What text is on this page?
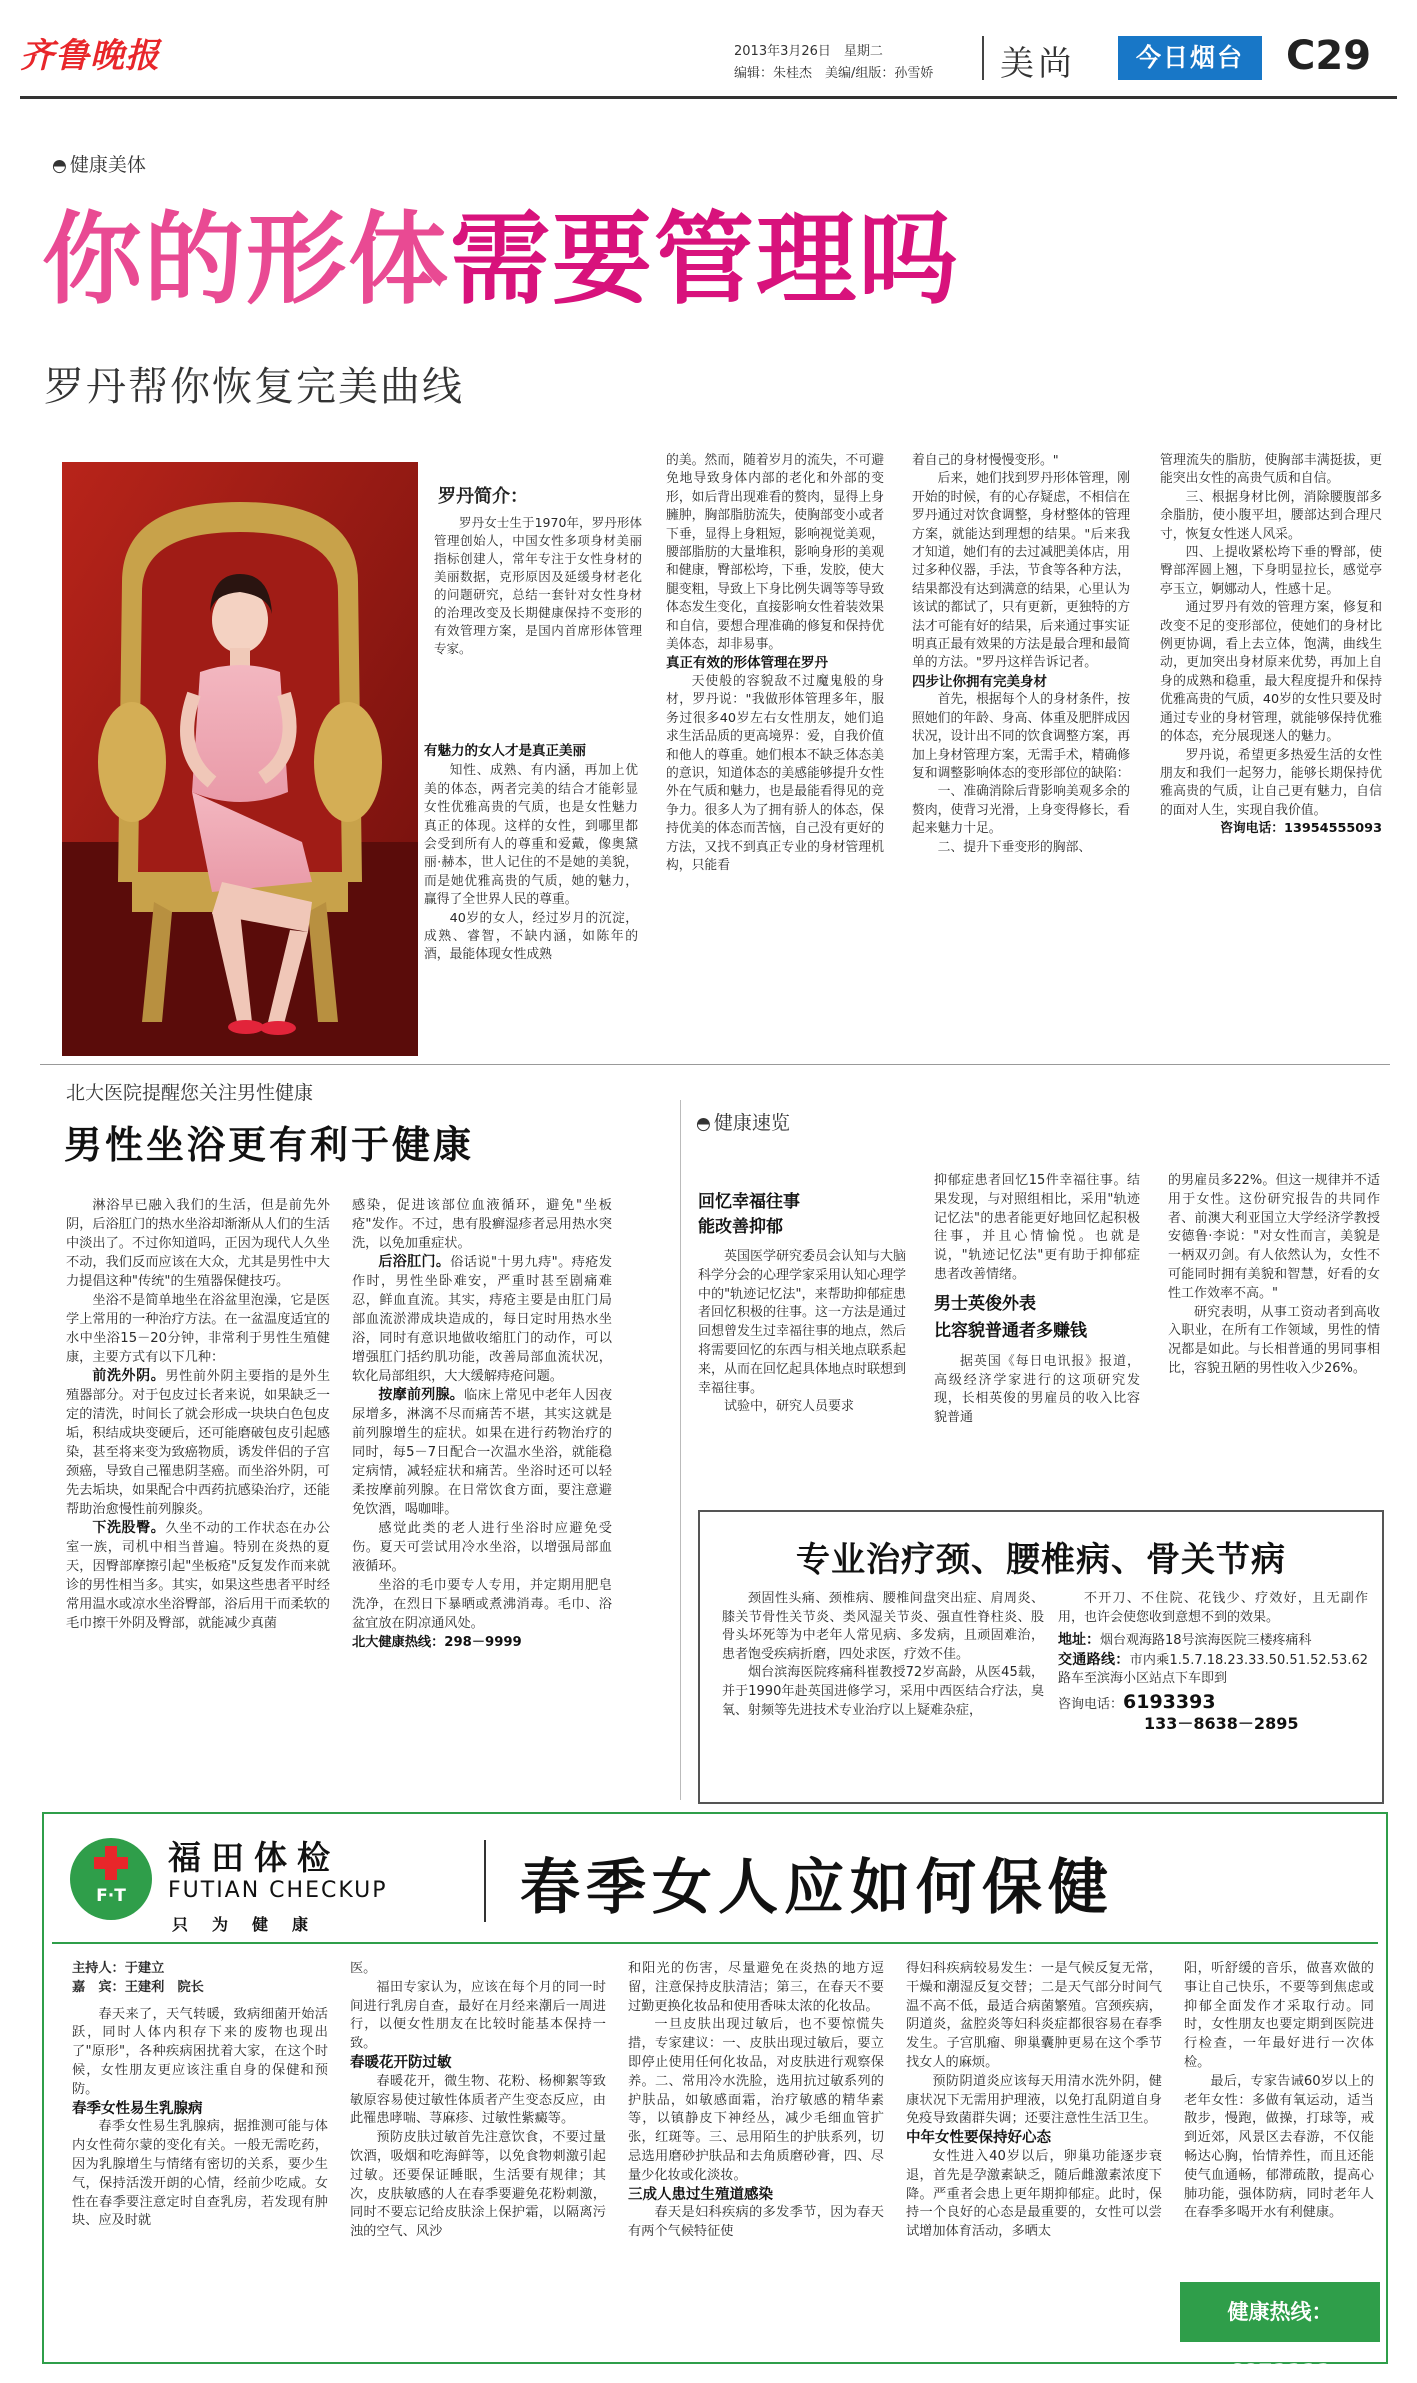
齐鲁晚报	2013年3月26日　 星期二
编辑：朱桂杰　美编/组版：孙雪娇 美尚	今日烟台	C29
◓ 健康美体
你的形体需要管理吗
罗丹帮你恢复完美曲线
罗丹简介：
罗丹女士生于1970年，罗丹形体管理创始人，中国女性多项身材美丽指标创建人，常年专注于女性身材的美丽数据，克形原因及延缓身材老化的问题研究，总结一套针对女性身材的治理改变及长期健康保持不变形的有效管理方案，是国内首席形体管理专家。
有魅力的女人才是真正美丽

知性、成熟、有内涵，再加上优美的体态，两者完美的结合才能彰显女性优雅高贵的气质，也是女性魅力真正的体现。这样的女性，到哪里都会受到所有人的尊重和爱戴，像奥黛丽·赫本，世人记住的不是她的美貌，而是她优雅高贵的气质，她的魅力，赢得了全世界人民的尊重。

40岁的女人，经过岁月的沉淀，成熟、睿智，不缺内涵，如陈年的酒，最能体现女性成熟

的美。然而，随着岁月的流失，不可避免地导致身体内部的老化和外部的变形，如后背出现难看的赘肉，显得上身臃肿，胸部脂肪流失，使胸部变小或者下垂，显得上身粗短，影响视觉美观，腰部脂肪的大量堆积，影响身形的美观和健康，臀部松垮，下垂，发胶，使大腿变粗，导致上下身比例失调等等导致体态发生变化，直接影响女性着装效果和自信，要想合理准确的修复和保持优美体态，却非易事。

真正有效的形体管理在罗丹

天使般的容貌敌不过魔鬼般的身材，罗丹说："我做形体管理多年，服务过很多40岁左右女性朋友，她们追求生活品质的更高境界：爱，自我价值和他人的尊重。她们根本不缺乏体态美的意识，知道体态的美感能够提升女性外在气质和魅力，也是最能看得见的竞争力。很多人为了拥有骄人的体态，保持优美的体态而苦恼，自己没有更好的方法，又找不到真正专业的身材管理机构，只能看

着自己的身材慢慢变形。"

后来，她们找到罗丹形体管理，刚开始的时候，有的心存疑虑，不相信在罗丹通过对饮食调整，身材整体的管理方案，就能达到理想的结果。"后来我才知道，她们有的去过减肥美体店，用过多种仪器，手法，节食等各种方法，结果都没有达到满意的结果，心里认为该试的都试了，只有更新，更独特的方法才可能有好的结果，后来通过事实证明真正最有效果的方法是最合理和最简单的方法。"罗丹这样告诉记者。

四步让你拥有完美身材

首先，根据每个人的身材条件，按照她们的年龄、身高、体重及肥胖成因状况，设计出不同的饮食调整方案，再加上身材管理方案，无需手术，精确修复和调整影响体态的变形部位的缺陷：

一、准确消除后背影响美观多余的赘肉，使背习光滑，上身变得修长，看起来魅力十足。

二、提升下垂变形的胸部、

管理流失的脂肪，使胸部丰满挺拔，更能突出女性的高贵气质和自信。

三、根据身材比例，消除腰腹部多余脂肪，使小腹平坦，腰部达到合理尺寸，恢复女性迷人风采。

四、上提收紧松垮下垂的臀部，使臀部浑圆上翘，下身明显拉长，感觉亭亭玉立，婀娜动人，性感十足。

通过罗丹有效的管理方案，修复和改变不足的变形部位，使她们的身材比例更协调，看上去立体，饱满，曲线生动，更加突出身材原来优势，再加上自身的成熟和稳重，最大程度提升和保持优雅高贵的气质，40岁的女性只要及时通过专业的身材管理，就能够保持优雅的体态，充分展现迷人的魅力。

罗丹说，希望更多热爱生活的女性朋友和我们一起努力，能够长期保持优雅高贵的气质，让自己更有魅力，自信的面对人生，实现自我价值。

咨询电话：13954555093
北大医院提醒您关注男性健康
男性坐浴更有利于健康

淋浴早已融入我们的生活，但是前先外阴，后浴肛门的热水坐浴却渐渐从人们的生活中淡出了。不过你知道吗，正因为现代人久坐不动，我们反而应该在大众，尤其是男性中大力提倡这种"传统"的生殖器保健技巧。

坐浴不是简单地坐在浴盆里泡澡，它是医学上常用的一种治疗方法。在一盆温度适宜的水中坐浴15－20分钟，非常利于男性生殖健康，主要方式有以下几种：

前洗外阴。男性前外阴主要指的是外生殖器部分。对于包皮过长者来说，如果缺乏一定的清洗，时间长了就会形成一块块白色包皮垢，积结成块变硬后，还可能磨破包皮引起感染，甚至将来变为致癌物质，诱发伴侣的子宫颈癌，导致自己罹患阴茎癌。而坐浴外阴，可先去垢块，如果配合中西药抗感染治疗，还能帮助治愈慢性前列腺炎。

下洗股臀。久坐不动的工作状态在办公室一族，司机中相当普遍。特别在炎热的夏天，因臀部摩擦引起"坐板疮"反复发作而来就诊的男性相当多。其实，如果这些患者平时经常用温水或凉水坐浴臀部，浴后用干而柔软的毛巾擦干外阴及臀部，就能减少真菌

感染，促进该部位血液循环，避免"坐板疮"发作。不过，患有股癣湿疹者忌用热水突洗，以免加重症状。

后浴肛门。俗话说"十男九痔"。痔疮发作时，男性坐卧难安，严重时甚至剧痛难忍，鲜血直流。其实，痔疮主要是由肛门局部血流淤滞成块造成的，每日定时用热水坐浴，同时有意识地做收缩肛门的动作，可以增强肛门括约肌功能，改善局部血流状况，软化局部组织，大大缓解痔疮问题。

按摩前列腺。临床上常见中老年人因夜尿增多，淋漓不尽而痛苦不堪，其实这就是前列腺增生的症状。如果在进行药物治疗的同时，每5－7日配合一次温水坐浴，就能稳定病情，减轻症状和痛苦。坐浴时还可以轻柔按摩前列腺。在日常饮食方面，要注意避免饮酒，喝咖啡。

感觉此类的老人进行坐浴时应避免受伤。夏天可尝试用冷水坐浴，以增强局部血液循环。

坐浴的毛巾要专人专用，并定期用肥皂洗净，在烈日下暴晒或煮沸消毒。毛巾、浴盆宜放在阴凉通风处。

北大健康热线：298－9999
◓ 健康速览
回忆幸福往事
能改善抑郁

英国医学研究委员会认知与大脑科学分会的心理学家采用认知心理学中的"轨迹记忆法"，来帮助抑郁症患者回忆积极的往事。这一方法是通过回想曾发生过幸福往事的地点，然后将需要回忆的东西与相关地点联系起来，从而在回忆起具体地点时联想到幸福往事。

试验中，研究人员要求

抑郁症患者回忆15件幸福往事。结果发现，与对照组相比，采用"轨迹记忆法"的患者能更好地回忆起积极往事，并且心情愉悦。也就是说，"轨迹记忆法"更有助于抑郁症患者改善情绪。

男士英俊外表
比容貌普通者多赚钱

据英国《每日电讯报》报道，高级经济学家进行的这项研究发现，长相英俊的男雇员的收入比容貌普通

的男雇员多22%。但这一规律并不适用于女性。这份研究报告的共同作者、前澳大利亚国立大学经济学教授安德鲁·李说："对女性而言，美貌是一柄双刃剑。有人依然认为，女性不可能同时拥有美貌和智慧，好看的女性工作效率不高。"

研究表明，从事工资动者到高收入职业，在所有工作领域，男性的情况都是如此。与长相普通的男同事相比，容貌丑陋的男性收入少26%。

专业治疗颈、腰椎病、骨关节病

颈固性头痛、颈椎病、腰椎间盘突出症、肩周炎、膝关节骨性关节炎、类风湿关节炎、强直性脊柱炎、股骨头坏死等为中老年人常见病、多发病，且顽固难治，患者饱受疾病折磨，四处求医，疗效不佳。

烟台滨海医院疼痛科崔教授72岁高龄，从医45载，并于1990年赴英国进修学习，采用中西医结合疗法，臭氧、射频等先进技术专业治疗以上疑难杂症，

不开刀、不住院、花钱少、疗效好，且无副作用，也许会使您收到意想不到的效果。

地址：烟台观海路18号滨海医院三楼疼痛科
交通路线：市内乘1.5.7.18.23.33.50.51.52.53.62路车至滨海小区站点下车即到
咨询电话：6193393
133－8638－2895
F·T
福田体检
FUTIAN CHECKUP
只　为　健　康
春季女人应如何保健
主持人：于建立
嘉　宾：王建利　院长

春天来了，天气转暖，致病细菌开始活跃，同时人体内积存下来的废物也现出了"原形"，各种疾病困扰着大家，在这个时候，女性朋友更应该注重自身的保健和预防。

春季女性易生乳腺病

春季女性易生乳腺病，据推测可能与体内女性荷尔蒙的变化有关。一般无需吃药，因为乳腺增生与情绪有密切的关系，要少生气，保持活泼开朗的心情，经前少吃咸。女性在春季要注意定时自查乳房，若发现有肿块、应及时就

医。

福田专家认为，应该在每个月的同一时间进行乳房自查，最好在月经来潮后一周进行，以便女性朋友在比较时能基本保持一致。

春暖花开防过敏

春暖花开，微生物、花粉、杨柳絮等致敏原容易使过敏性体质者产生变态反应，由此罹患哮喘、荨麻疹、过敏性紫癜等。

预防皮肤过敏首先注意饮食，不要过量饮酒，吸烟和吃海鲜等，以免食物刺激引起过敏。还要保证睡眠，生活要有规律；其次，皮肤敏感的人在春季要避免花粉刺激，同时不要忘记给皮肤涂上保护霜，以隔离污浊的空气、风沙

和阳光的伤害，尽量避免在炎热的地方逗留，注意保持皮肤清洁；第三，在春天不要过勤更换化妆品和使用香味太浓的化妆品。

一旦皮肤出现过敏后，也不要惊慌失措，专家建议：一、皮肤出现过敏后，要立即停止使用任何化妆品，对皮肤进行观察保养。二、常用冷水洗脸，选用抗过敏系列的护肤品，如敏感面霜，治疗敏感的精华素等，以镇静皮下神经丛，减少毛细血管扩张，红斑等。三、忌用陌生的护肤系列，切忌选用磨砂护肤品和去角质磨砂膏，四、尽量少化妆或化淡妆。

三成人患过生殖道感染

春天是妇科疾病的多发季节，因为春天有两个气候特征使

得妇科疾病较易发生：一是气候反复无常，干燥和潮湿反复交替；二是天气部分时间气温不高不低，最适合病菌繁殖。宫颈疾病，阴道炎，盆腔炎等妇科炎症都很容易在春季发生。子宫肌瘤、卵巢囊肿更易在这个季节找女人的麻烦。

预防阴道炎应该每天用清水洗外阴，健康状况下无需用护理液，以免打乱阴道自身免疫导致菌群失调；还要注意性生活卫生。

中年女性要保持好心态

女性进入40岁以后，卵巢功能逐步衰退，首先是孕激素缺乏，随后雌激素浓度下降。严重者会患上更年期抑郁症。此时，保持一个良好的心态是最重要的，女性可以尝试增加体育活动，多晒太

阳，听舒缓的音乐，做喜欢做的事让自己快乐，不要等到焦虑或抑郁全面发作才采取行动。同时，女性朋友也要定期到医院进行检查，一年最好进行一次体检。

最后，专家告诫60岁以上的老年女性：多做有氧运动，适当散步，慢跑，做操，打球等，戒到近郊，风景区去春游，不仅能畅达心胸，怡情养性，而且还能使气血通畅，郁滞疏散，提高心肺功能，强体防病，同时老年人在春季多喝开水有利健康。

健康热线：6872222
